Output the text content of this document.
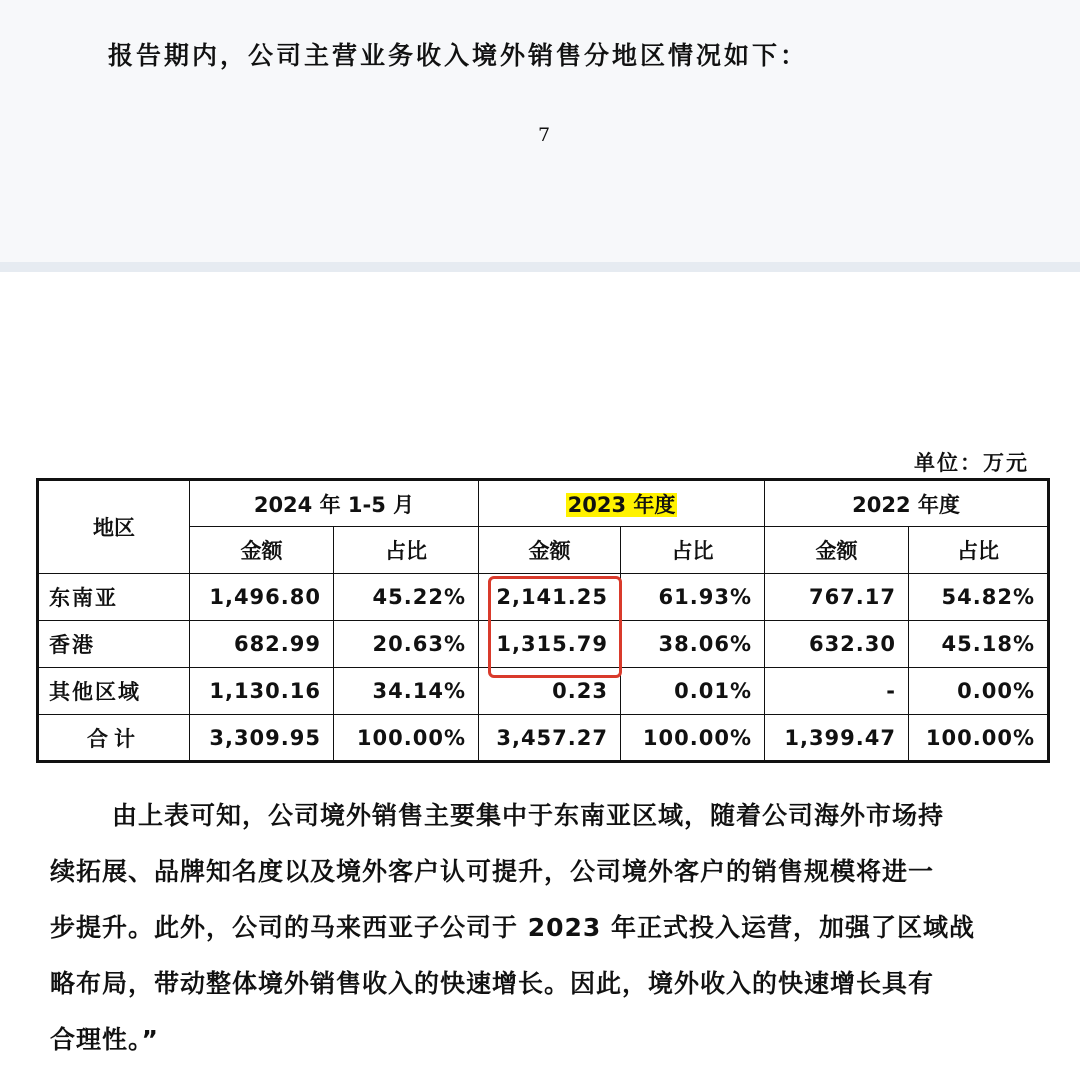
报告期内，公司主营业务收入境外销售分地区情况如下：
7
单位：万元
地区	2024 年 1-5 月		2023 年度		2022 年度	
	金额	占比	金额	占比	金额	占比
东南亚	1,496.80	45.22%	2,141.25	61.93%	767.17	54.82%
香港	682.99	20.63%	1,315.79	38.06%	632.30	45.18%
其他区域	1,130.16	34.14%	0.23	0.01%	-	0.00%
合计	3,309.95	100.00%	3,457.27	100.00%	1,399.47	100.00%
由上表可知，公司境外销售主要集中于东南亚区域，随着公司海外市场持
续拓展、品牌知名度以及境外客户认可提升，公司境外客户的销售规模将进一
步提升。此外，公司的马来西亚子公司于 2023 年正式投入运营，加强了区域战
略布局，带动整体境外销售收入的快速增长。因此，境外收入的快速增长具有
合理性。”
